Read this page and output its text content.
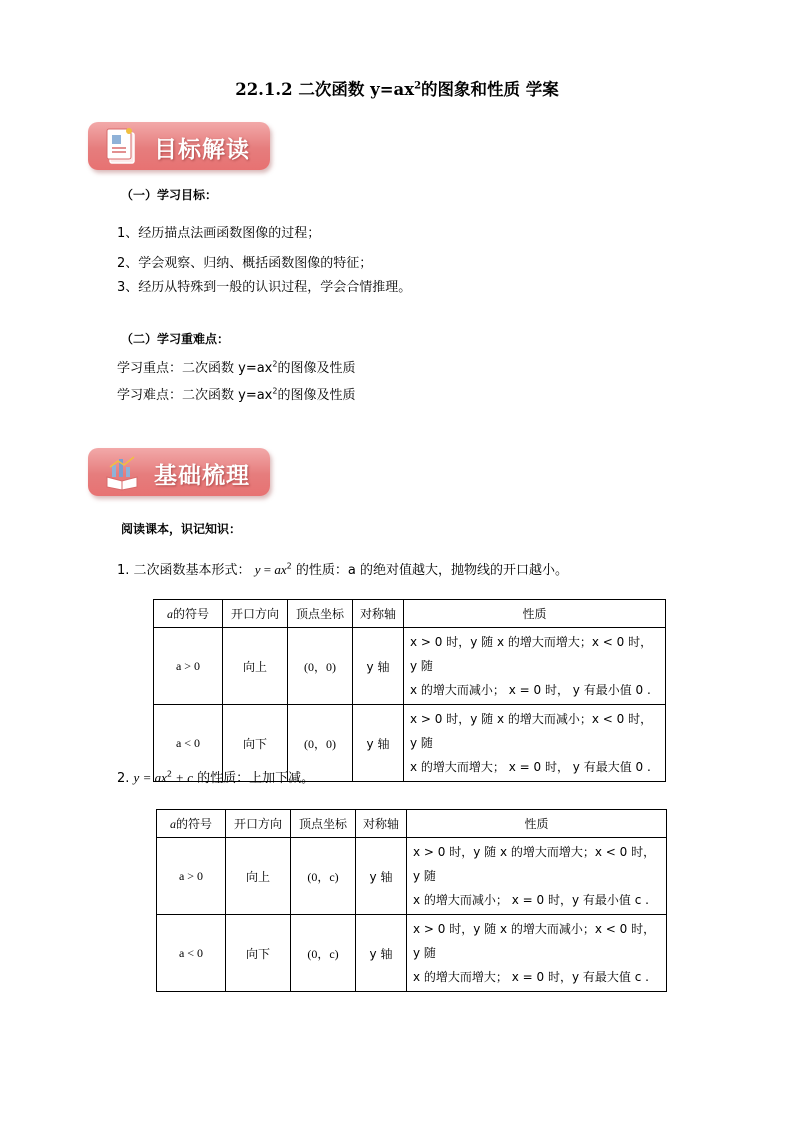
22.1.2 二次函数 $y=ax^2$的图象和性质 学案
目标解读
（一）学习目标：
1、经历描点法画函数图像的过程；
2、学会观察、归纳、概括函数图像的特征；
3、经历从特殊到一般的认识过程，学会合情推理。
（二）学习重难点：
学习重点：二次函数 $y=ax^2$的图像及性质
学习难点：二次函数 $y=ax^2$的图像及性质
基础梳理
阅读课本，识记知识：
1. 二次函数基本形式： $y = ax^2$ 的性质：a 的绝对值越大，抛物线的开口越小。
a的符号	开口方向	顶点坐标	对称轴	性质
a > 0	向上	(0，0)	y 轴	x > 0 时，y 随 x 的增大而增大；x < 0 时，y 随
x 的增大而减小； x = 0 时， y 有最小值 0 .

a < 0	向下	(0，0)	y 轴	x > 0 时，y 随 x 的增大而减小；x < 0 时，y 随
x 的增大而增大； x = 0 时， y 有最大值 0 .
2. $y = ax^2 + c$ 的性质：上加下减。
a的符号	开口方向	顶点坐标	对称轴	性质
a > 0	向上	(0，c)	y 轴	x > 0 时，y 随 x 的增大而增大；x < 0 时，y 随
x 的增大而减小； x = 0 时，y 有最小值 c .

a < 0	向下	(0，c)	y 轴	x > 0 时，y 随 x 的增大而减小；x < 0 时，y 随
x 的增大而增大； x = 0 时，y 有最大值 c .
